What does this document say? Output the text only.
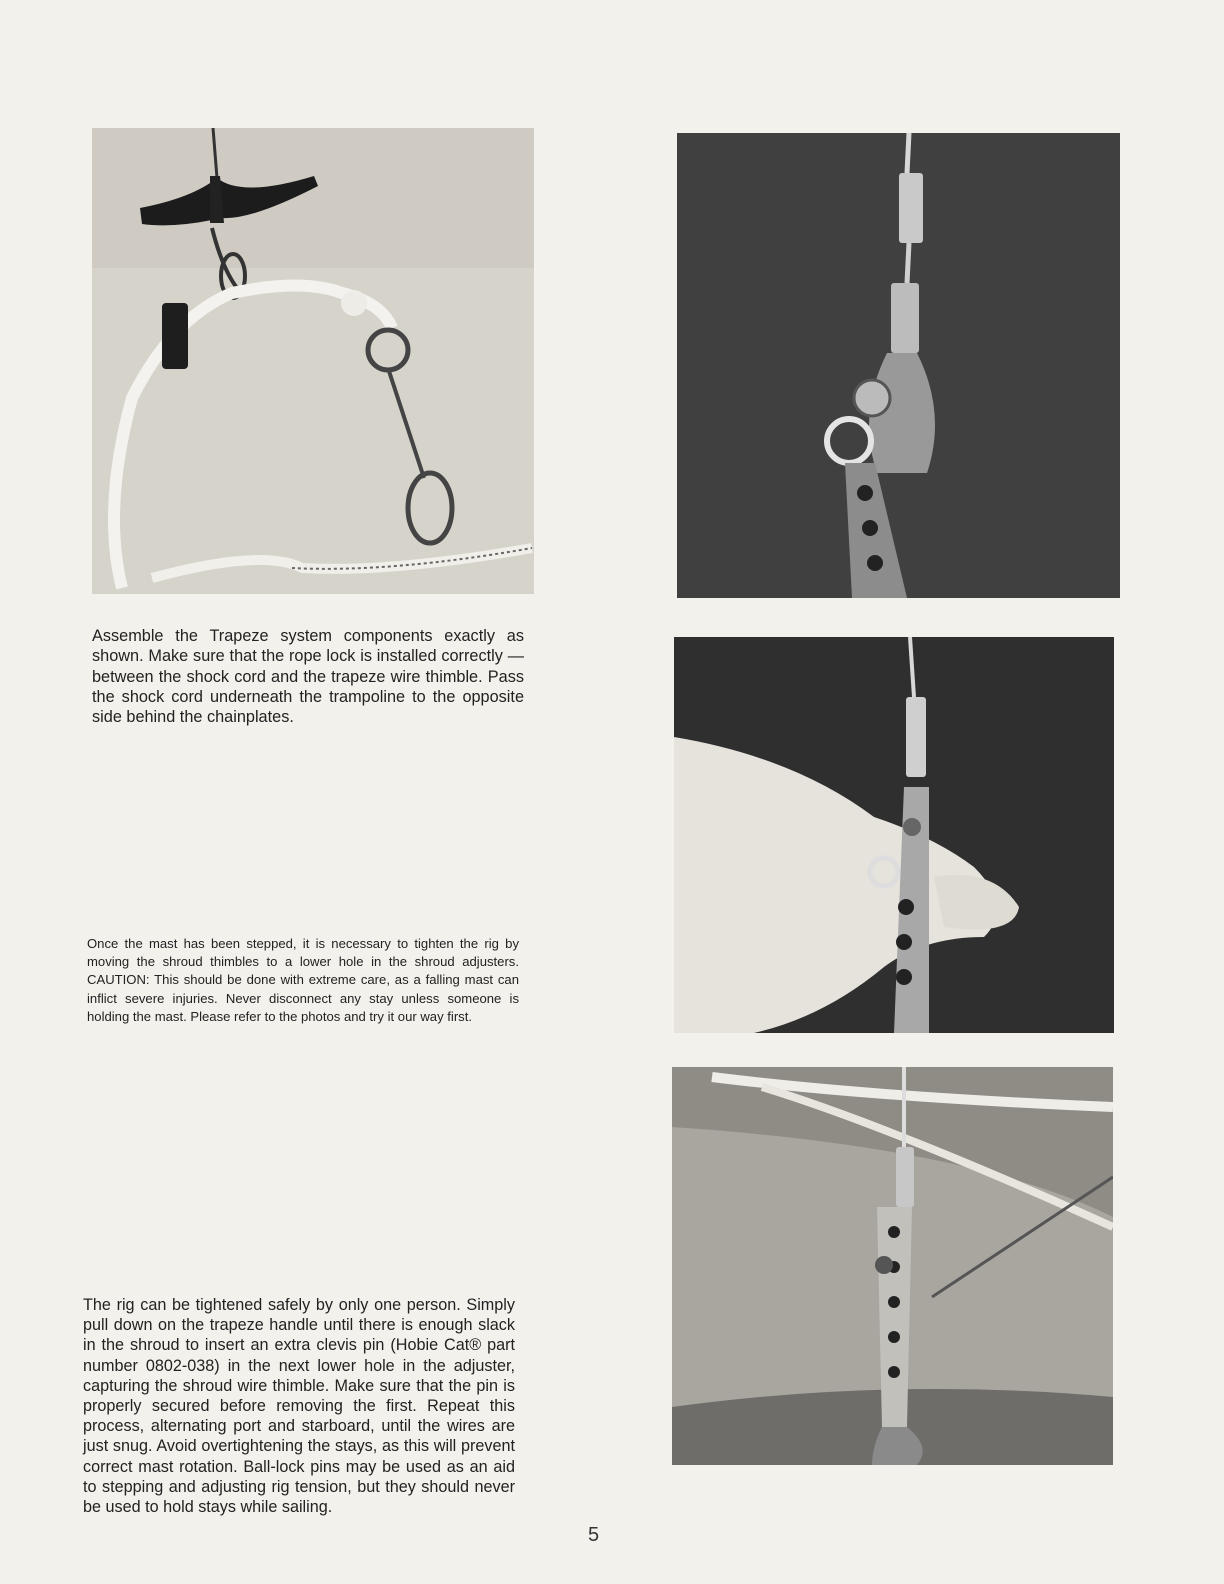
Assemble the Trapeze system components exactly as shown. Make sure that the rope lock is installed correctly — between the shock cord and the trapeze wire thimble. Pass the shock cord underneath the trampoline to the opposite side behind the chainplates.

Once the mast has been stepped, it is necessary to tighten the rig by moving the shroud thimbles to a lower hole in the shroud adjusters. CAUTION: This should be done with extreme care, as a falling mast can inflict severe injuries. Never disconnect any stay unless someone is holding the mast. Please refer to the photos and try it our way first.

The rig can be tightened safely by only one person. Simply pull down on the trapeze handle until there is enough slack in the shroud to insert an extra clevis pin (Hobie Cat® part number 0802-038) in the next lower hole in the adjuster, capturing the shroud wire thimble. Make sure that the pin is properly secured before removing the first. Repeat this process, alternating port and starboard, until the wires are just snug. Avoid overtightening the stays, as this will prevent correct mast rotation. Ball-lock pins may be used as an aid to stepping and adjusting rig tension, but they should never be used to hold stays while sailing.

5
